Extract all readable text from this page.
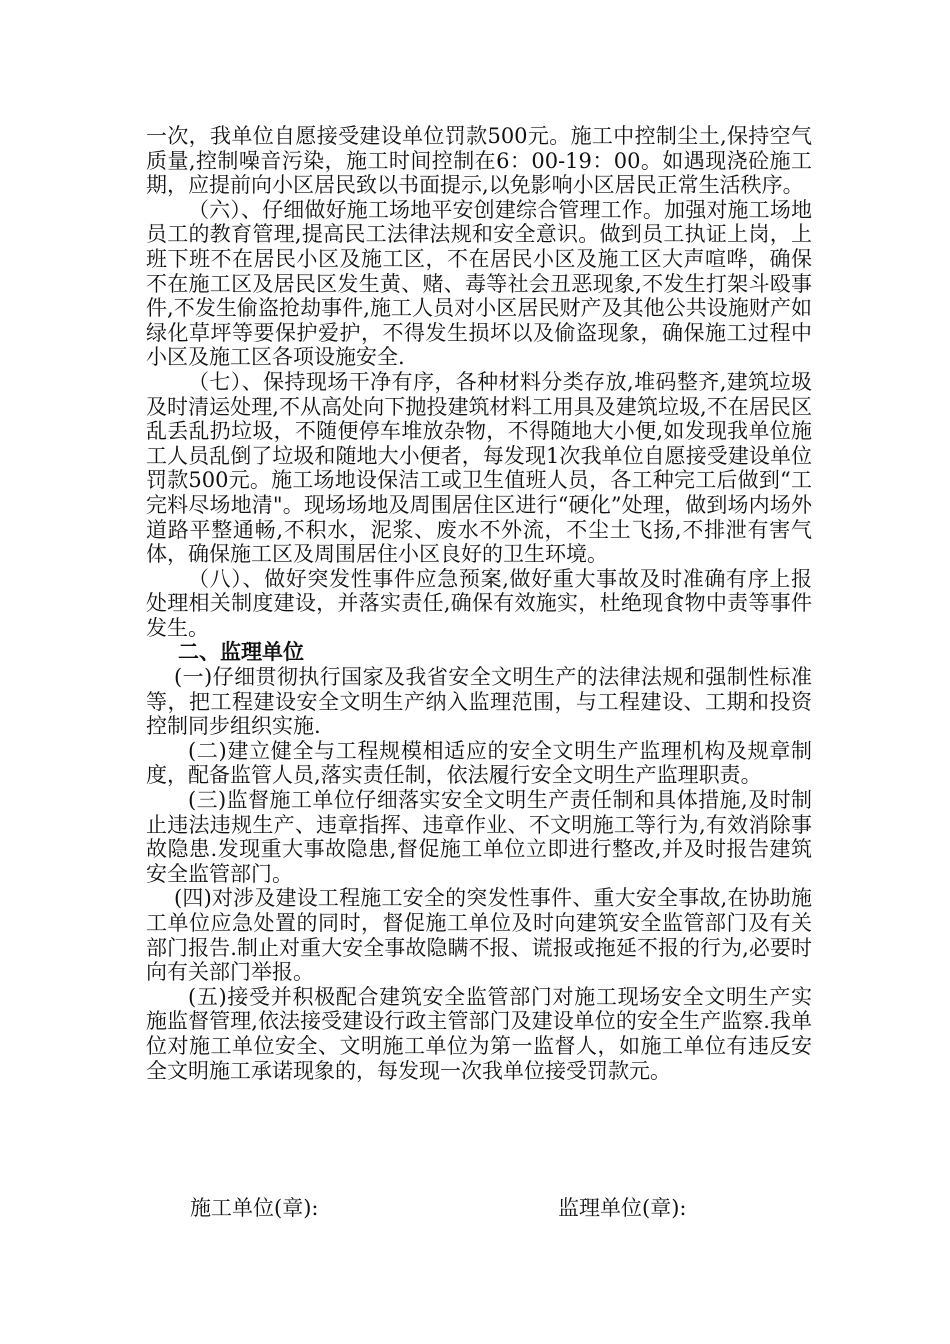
一次，我单位自愿接受建设单位罚款500元。施工中控制尘土,保持空气质量,控制噪音污染，施工时间控制在6：00-19：00。如遇现浇砼施工期，应提前向小区居民致以书面提示,以免影响小区居民正常生活秩序。

（六）、仔细做好施工场地平安创建综合管理工作。加强对施工场地员工的教育管理,提高民工法律法规和安全意识。做到员工执证上岗，上班下班不在居民小区及施工区，不在居民小区及施工区大声喧哗，确保不在施工区及居民区发生黄、赌、毒等社会丑恶现象,不发生打架斗殴事件,不发生偷盗抢劫事件,施工人员对小区居民财产及其他公共设施财产如绿化草坪等要保护爱护，不得发生损坏以及偷盗现象，确保施工过程中小区及施工区各项设施安全.

（七）、保持现场干净有序，各种材料分类存放,堆码整齐,建筑垃圾及时清运处理,不从高处向下抛投建筑材料工用具及建筑垃圾,不在居民区乱丢乱扔垃圾，不随便停车堆放杂物，不得随地大小便,如发现我单位施工人员乱倒了垃圾和随地大小便者，每发现1次我单位自愿接受建设单位罚款500元。施工场地设保洁工或卫生值班人员，各工种完工后做到“工完料尽场地清"。现场场地及周围居住区进行“硬化”处理，做到场内场外道路平整通畅,不积水，泥浆、废水不外流，不尘土飞扬,不排泄有害气体，确保施工区及周围居住小区良好的卫生环境。

（八）、做好突发性事件应急预案,做好重大事故及时准确有序上报处理相关制度建设，并落实责任,确保有效施实，杜绝现食物中责等事件发生。

二、监理单位

(一)仔细贯彻执行国家及我省安全文明生产的法律法规和强制性标准等，把工程建设安全文明生产纳入监理范围，与工程建设、工期和投资控制同步组织实施.

(二)建立健全与工程规模相适应的安全文明生产监理机构及规章制度，配备监管人员,落实责任制，依法履行安全文明生产监理职责。

(三)监督施工单位仔细落实安全文明生产责任制和具体措施,及时制止违法违规生产、违章指挥、违章作业、不文明施工等行为,有效消除事故隐患.发现重大事故隐患,督促施工单位立即进行整改,并及时报告建筑安全监管部门。

(四)对涉及建设工程施工安全的突发性事件、重大安全事故,在协助施工单位应急处置的同时，督促施工单位及时向建筑安全监管部门及有关部门报告.制止对重大安全事故隐瞒不报、谎报或拖延不报的行为,必要时向有关部门举报。

(五)接受并积极配合建筑安全监管部门对施工现场安全文明生产实施监督管理,依法接受建设行政主管部门及建设单位的安全生产监察.我单位对施工单位安全、文明施工单位为第一监督人，如施工单位有违反安全文明施工承诺现象的，每发现一次我单位接受罚款元。

施工单位(章):	监理单位(章):
